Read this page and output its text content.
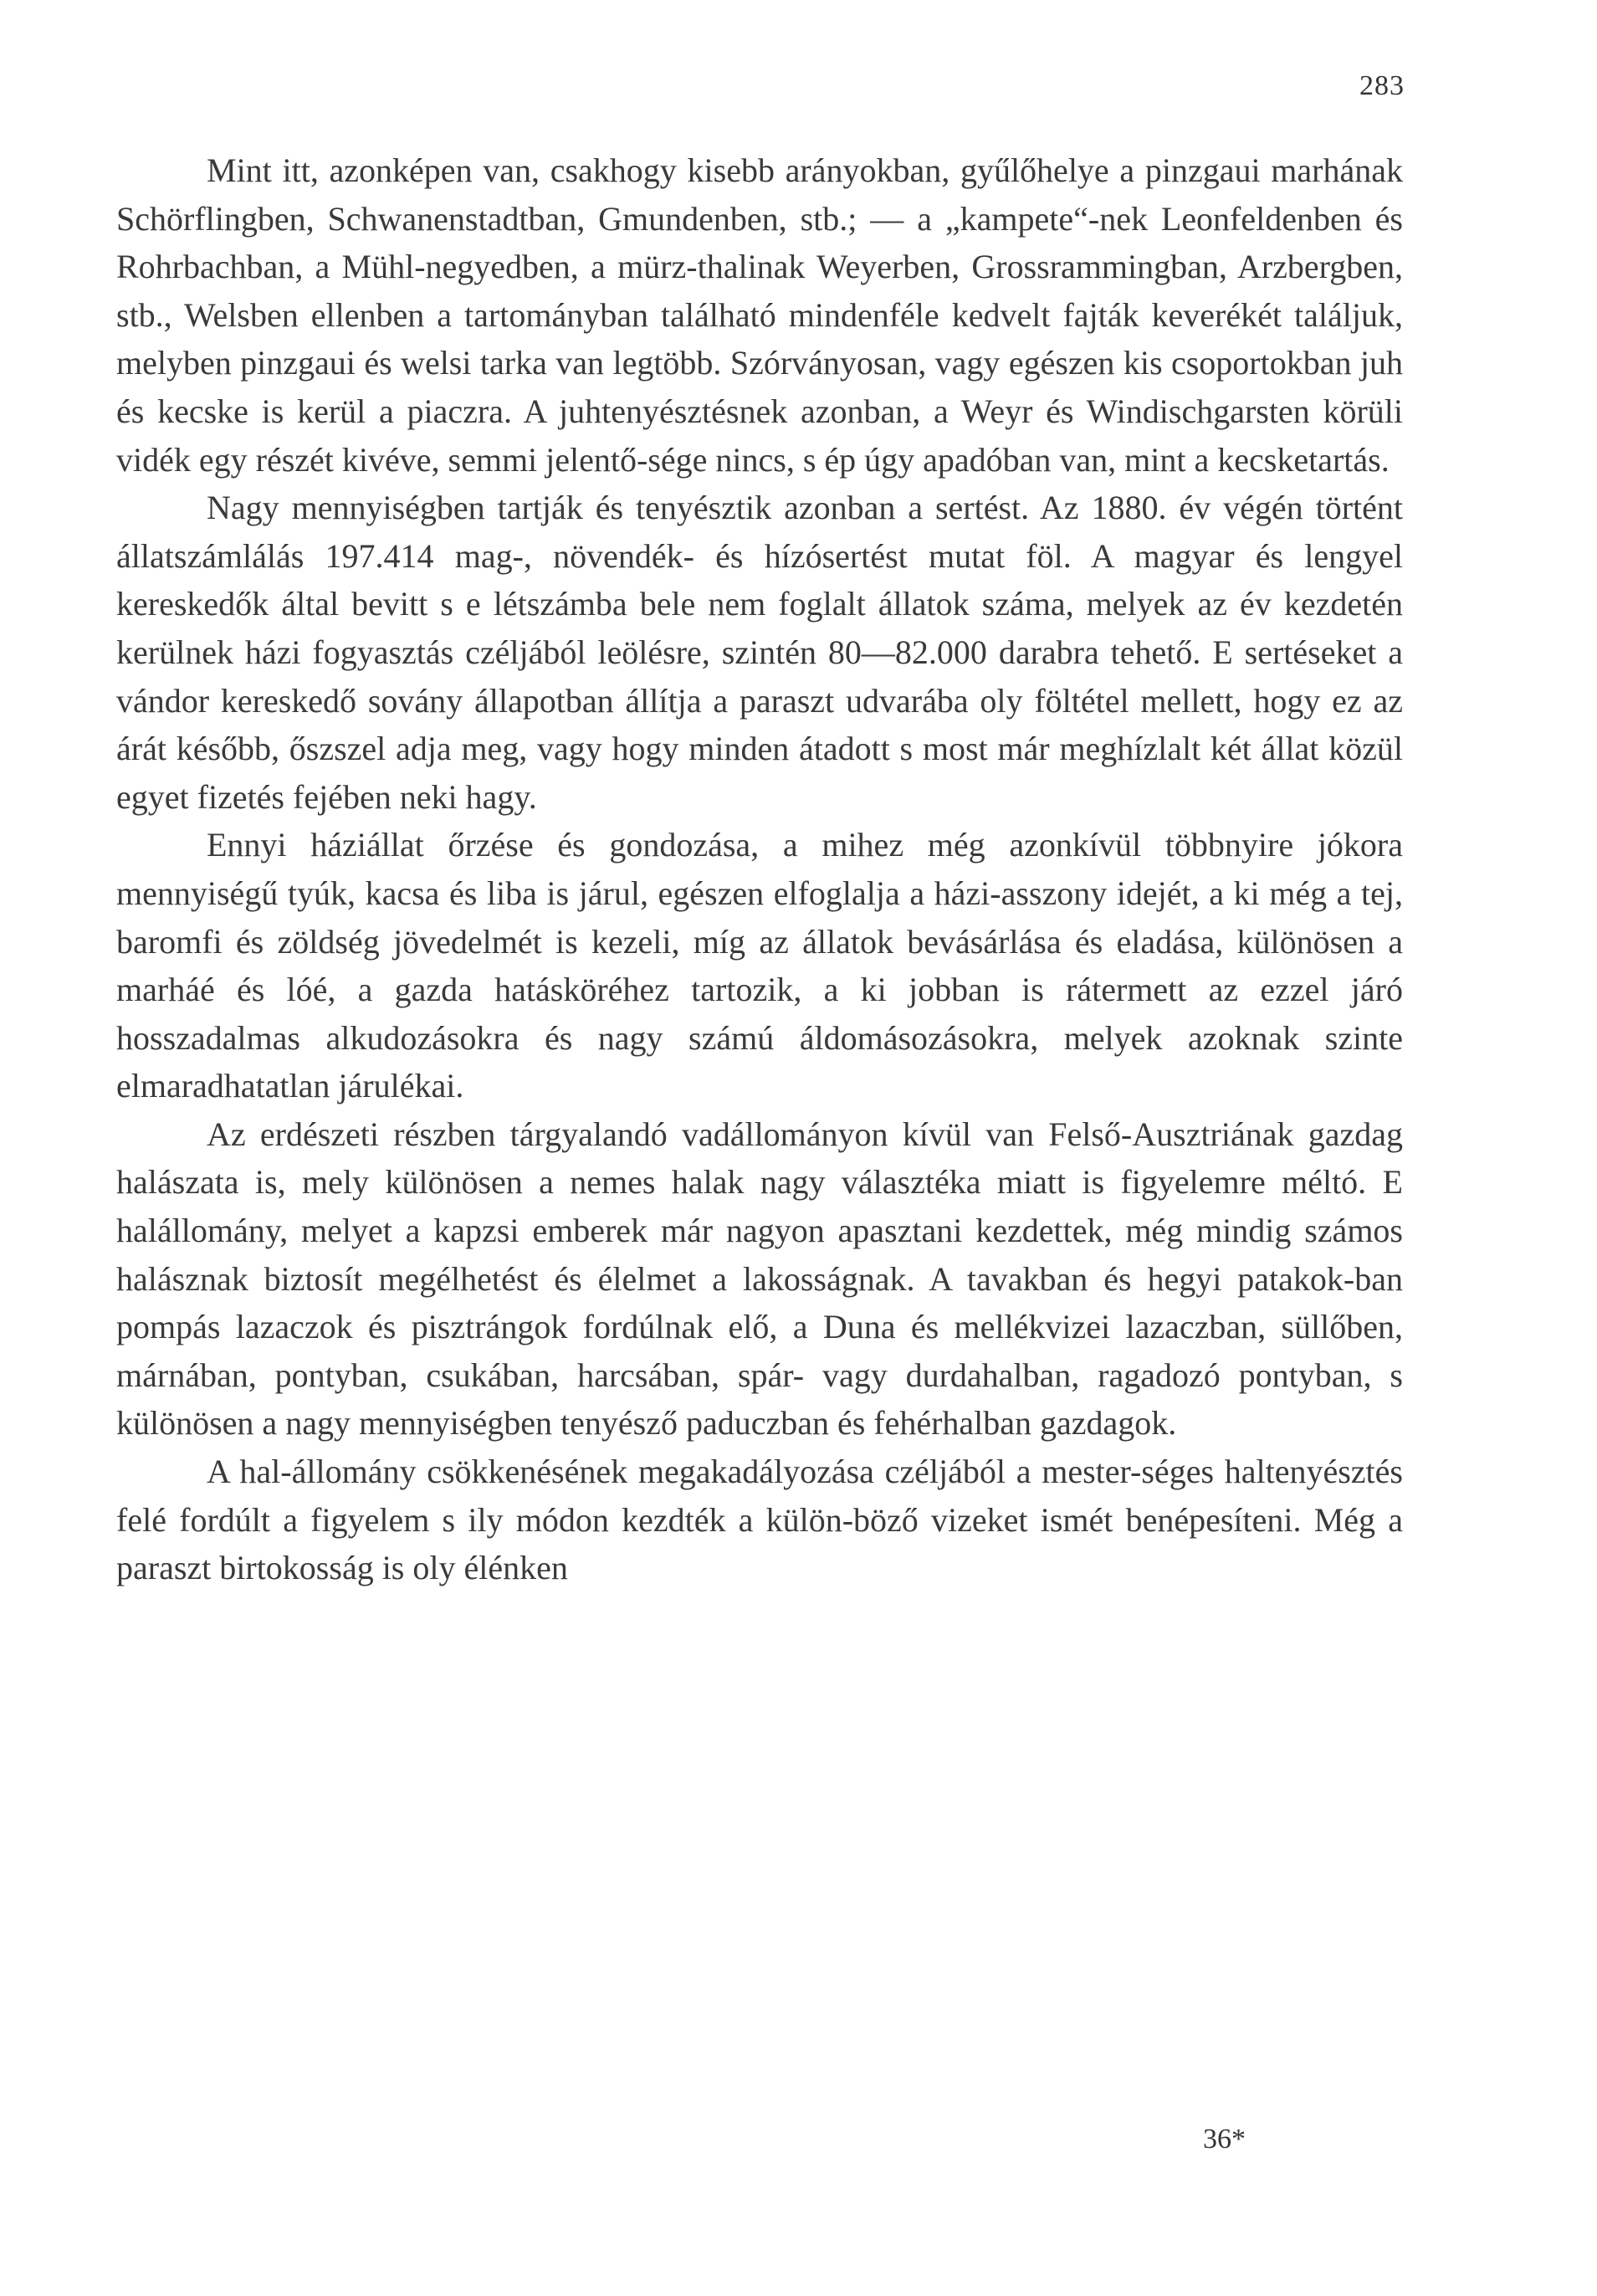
283

Mint itt, azonképen van, csakhogy kisebb arányokban, gyűlőhelye a pinzgaui marhának Schörflingben, Schwanenstadtban, Gmundenben, stb.; — a „kampete“-nek Leonfeldenben és Rohrbachban, a Mühl-negyedben, a mürz-thalinak Weyerben, Grossrammingban, Arzbergben, stb., Welsben ellenben a tartományban található mindenféle kedvelt fajták keverékét találjuk, melyben pinzgaui és welsi tarka van legtöbb. Szórványosan, vagy egészen kis csoportokban juh és kecske is kerül a piaczra. A juhtenyésztésnek azonban, a Weyr és Windischgarsten körüli vidék egy részét kivéve, semmi jelentő-sége nincs, s ép úgy apadóban van, mint a kecsketartás.

Nagy mennyiségben tartják és tenyésztik azonban a sertést. Az 1880. év végén történt állatszámlálás 197.414 mag-, növendék- és hízósertést mutat föl. A magyar és lengyel kereskedők által bevitt s e létszámba bele nem foglalt állatok száma, melyek az év kezdetén kerülnek házi fogyasztás czéljából leölésre, szintén 80—82.000 darabra tehető. E sertéseket a vándor kereskedő sovány állapotban állítja a paraszt udvarába oly föltétel mellett, hogy ez az árát később, őszszel adja meg, vagy hogy minden átadott s most már meghízlalt két állat közül egyet fizetés fejében neki hagy.

Ennyi háziállat őrzése és gondozása, a mihez még azonkívül többnyire jókora mennyiségű tyúk, kacsa és liba is járul, egészen elfoglalja a házi-asszony idejét, a ki még a tej, baromfi és zöldség jövedelmét is kezeli, míg az állatok bevásárlása és eladása, különösen a marháé és lóé, a gazda hatásköréhez tartozik, a ki jobban is rátermett az ezzel járó hosszadalmas alkudozásokra és nagy számú áldomásozásokra, melyek azoknak szinte elmaradhatatlan járulékai.

Az erdészeti részben tárgyalandó vadállományon kívül van Felső-Ausztriának gazdag halászata is, mely különösen a nemes halak nagy választéka miatt is figyelemre méltó. E halállomány, melyet a kapzsi emberek már nagyon apasztani kezdettek, még mindig számos halásznak biztosít megélhetést és élelmet a lakosságnak. A tavakban és hegyi patakok-ban pompás lazaczok és pisztrángok fordúlnak elő, a Duna és mellékvizei lazaczban, süllőben, márnában, pontyban, csukában, harcsában, spár- vagy durdahalban, ragadozó pontyban, s különösen a nagy mennyiségben tenyésző paduczban és fehérhalban gazdagok.

A hal-állomány csökkenésének megakadályozása czéljából a mester-séges haltenyésztés felé fordúlt a figyelem s ily módon kezdték a külön-böző vizeket ismét benépesíteni. Még a paraszt birtokosság is oly élénken

36*
